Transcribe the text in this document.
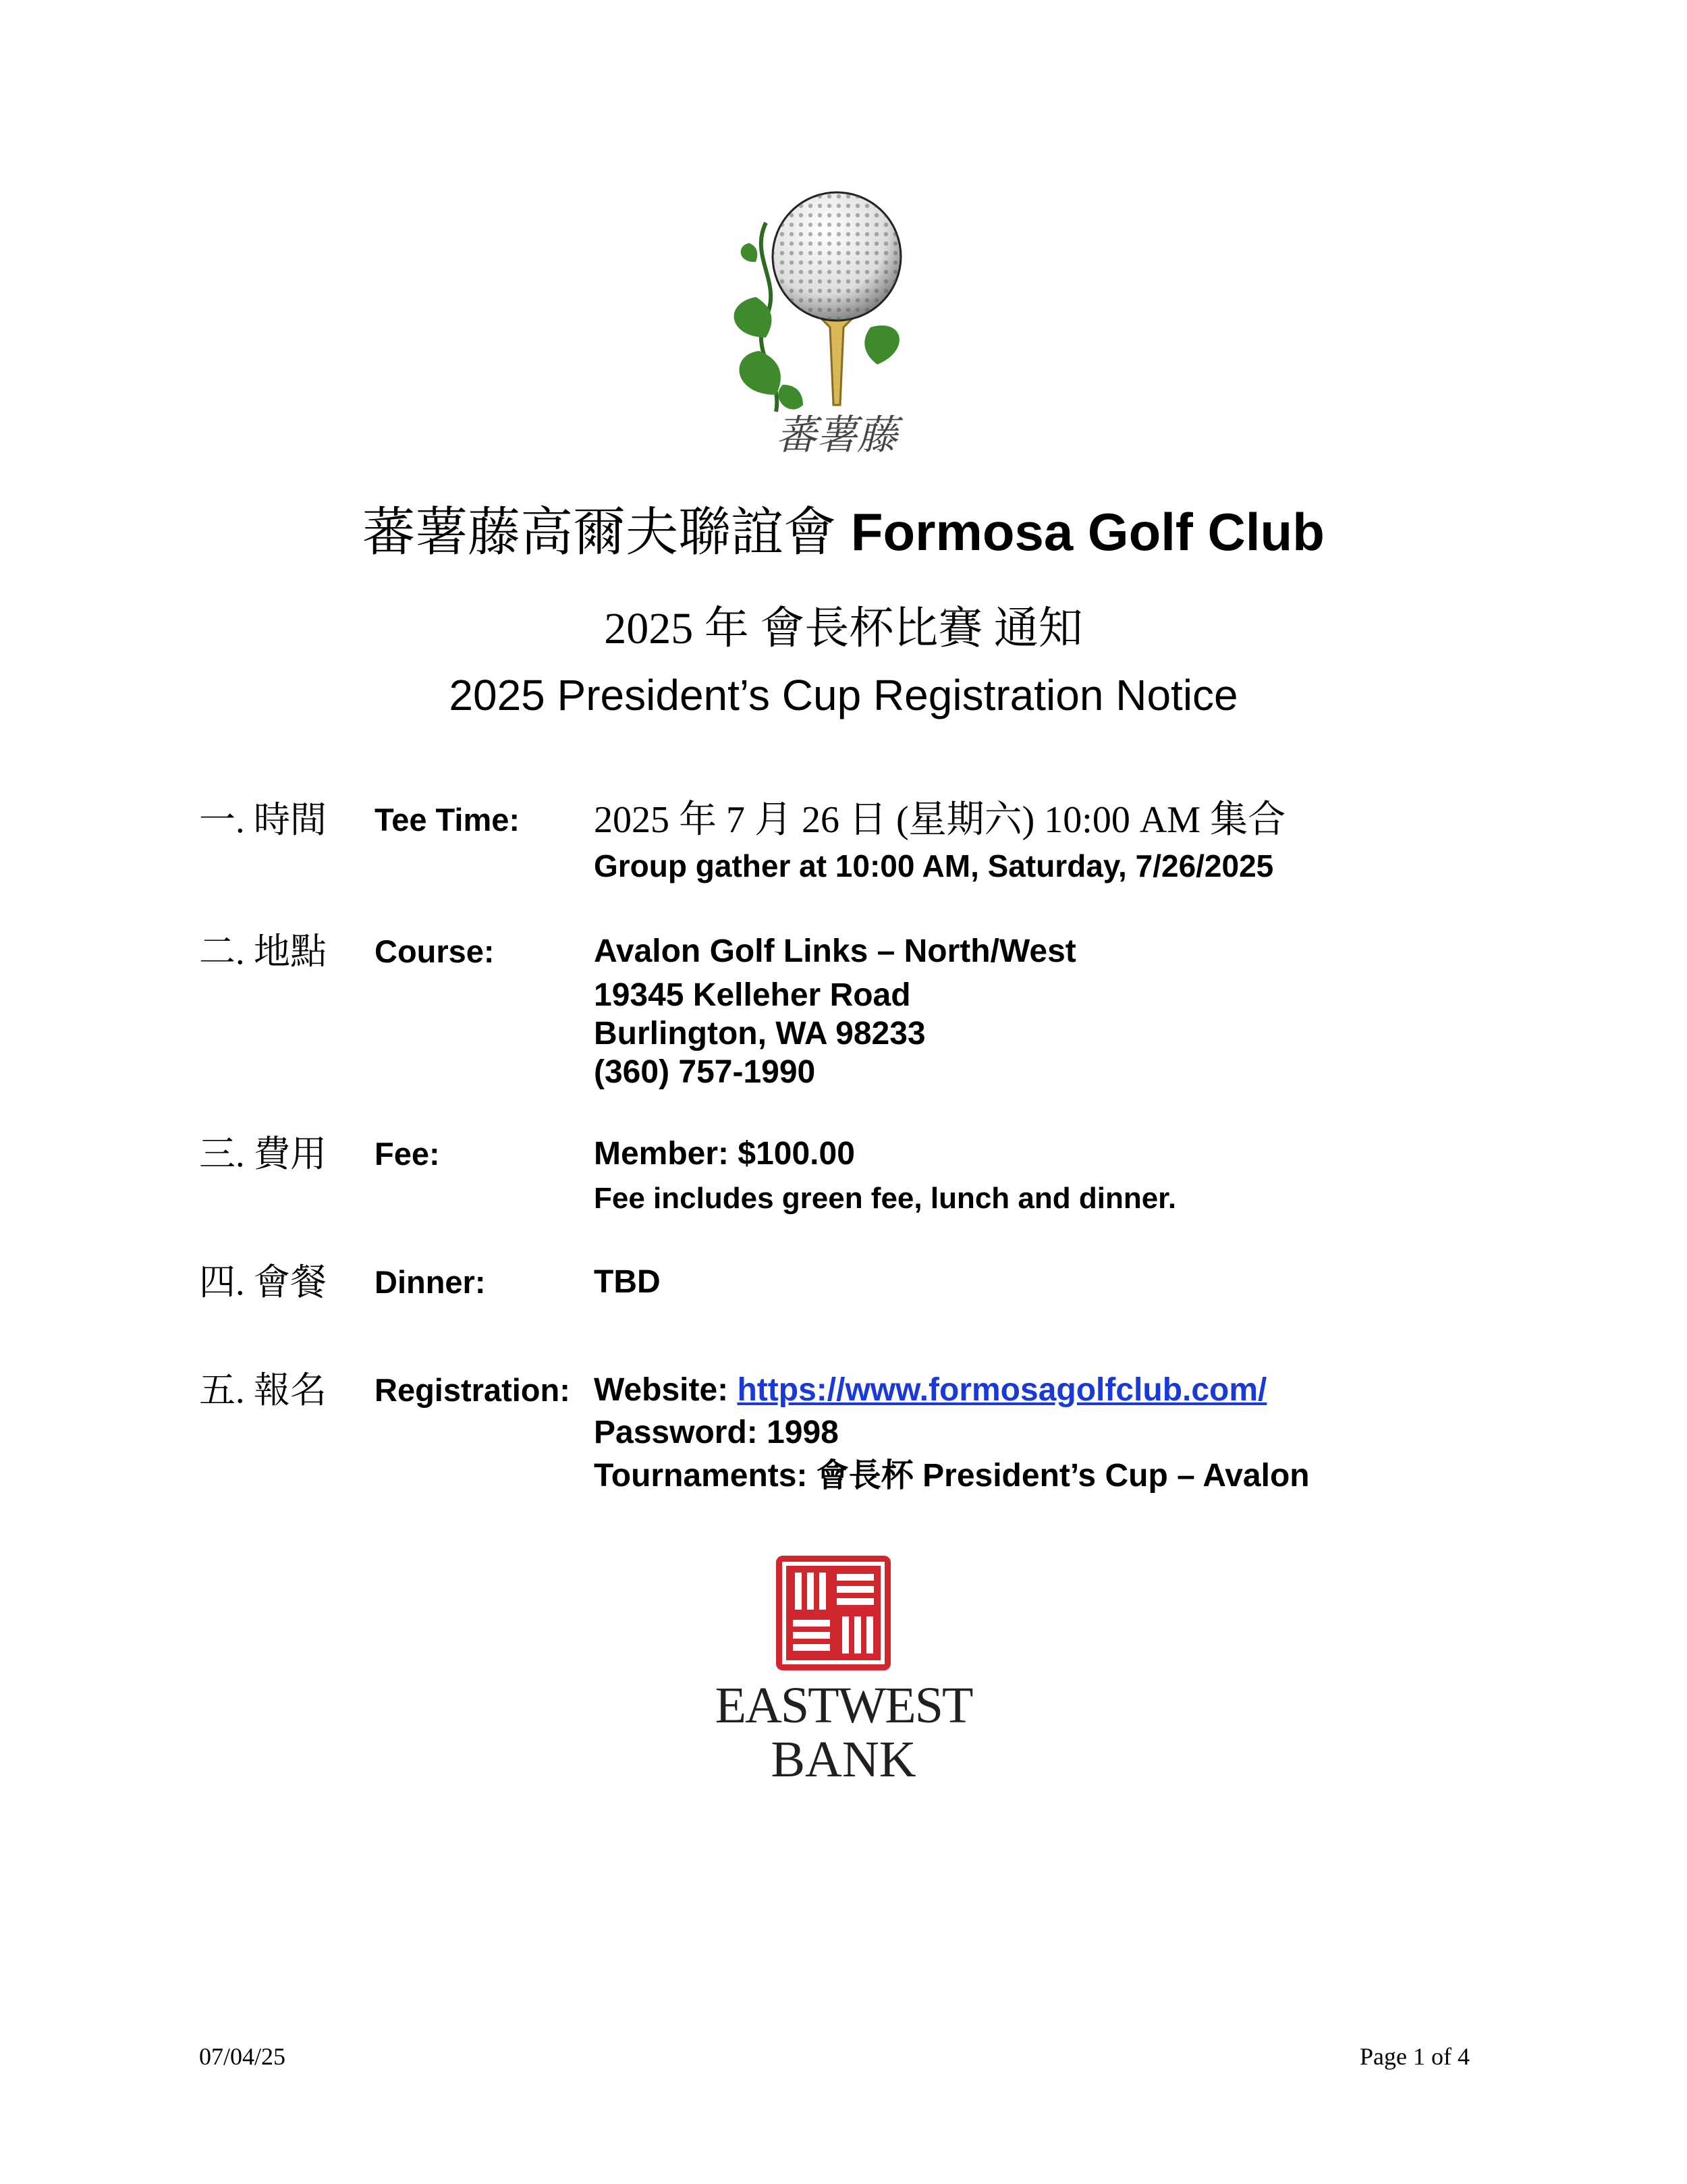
蕃薯藤
蕃薯藤高爾夫聯誼會 Formosa Golf Club
2025 年 會長杯比賽 通知
2025 President’s Cup Registration Notice
一. 時間 Tee Time: 2025 年 7 月 26 日 (星期六) 10:00 AM 集合
Group gather at 10:00 AM, Saturday, 7/26/2025
二. 地點 Course:	Avalon Golf Links – North/West
19345 Kelleher Road
Burlington, WA 98233
(360) 757-1990
三. 費用 Fee:	Member: $100.00
Fee includes green fee, lunch and dinner.
四. 會餐 Dinner:	TBD
五. 報名 Registration: Website: https://www.formosagolfclub.com/
Password: 1998
Tournaments: 會長杯 President’s Cup – Avalon
EASTWEST
BANK
07/04/25	Page 1 of 4
